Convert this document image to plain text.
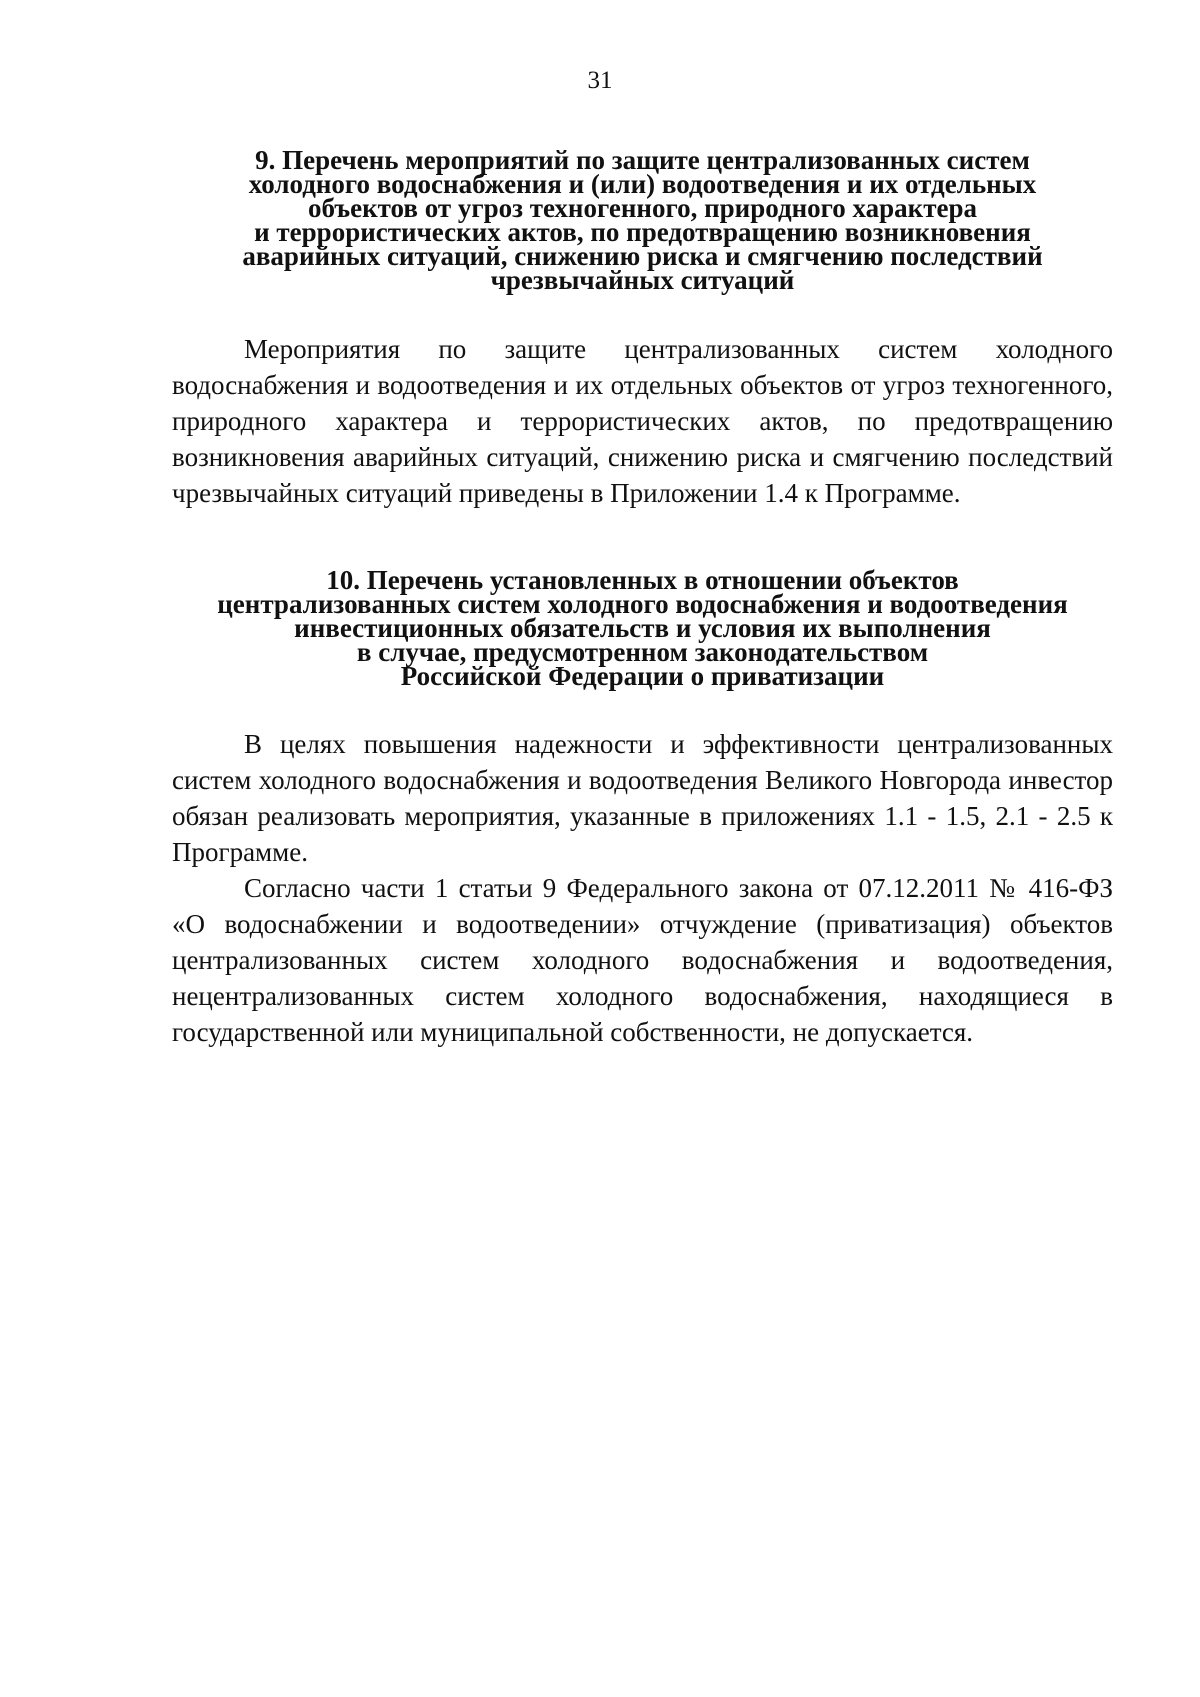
31
9. Перечень мероприятий по защите централизованных систем
холодного водоснабжения и (или) водоотведения и их отдельных
объектов от угроз техногенного, природного характера
и террористических актов, по предотвращению возникновения
аварийных ситуаций, снижению риска и смягчению последствий
чрезвычайных ситуаций

Мероприятия по защите централизованных систем холодного водоснабжения и водоотведения и их отдельных объектов от угроз техногенного, природного характера и террористических актов, по предотвращению возникновения аварийных ситуаций, снижению риска и смягчению последствий чрезвычайных ситуаций приведены в Приложении 1.4 к Программе.

10. Перечень установленных в отношении объектов
централизованных систем холодного водоснабжения и водоотведения
инвестиционных обязательств и условия их выполнения
в случае, предусмотренном законодательством
Российской Федерации о приватизации

В целях повышения надежности и эффективности централизованных систем холодного водоснабжения и водоотведения Великого Новгорода инвестор обязан реализовать мероприятия, указанные в приложениях 1.1 - 1.5, 2.1 - 2.5 к Программе.

Согласно части 1 статьи 9 Федерального закона от 07.12.2011 № 416-ФЗ «О водоснабжении и водоотведении» отчуждение (приватизация) объектов централизованных систем холодного водоснабжения и водоотведения, нецентрализованных систем холодного водоснабжения, находящиеся в государственной или муниципальной собственности, не допускается.
